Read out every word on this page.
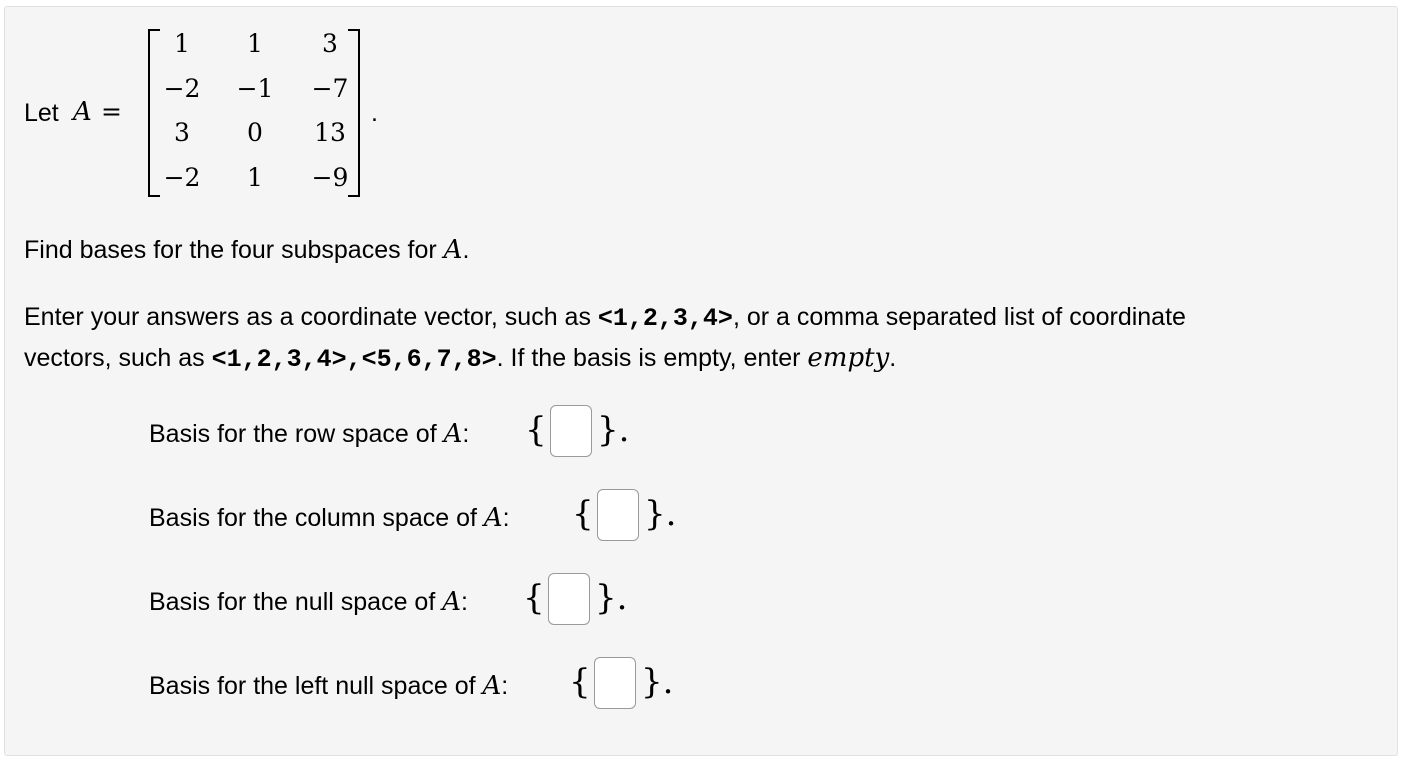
Let A =
1	1	3
−2	−1	−7
3	0	13
−2	1	−9
.
Find bases for the four subspaces for A.
Enter your answers as a coordinate vector, such as <1,2,3,4>, or a comma separated list of coordinate
vectors, such as <1,2,3,4>,<5,6,7,8>. If the basis is empty, enter empty.
Basis for the row space of A: { }.
Basis for the column space of A: { }.
Basis for the null space of A: { }.
Basis for the left null space of A: { }.
